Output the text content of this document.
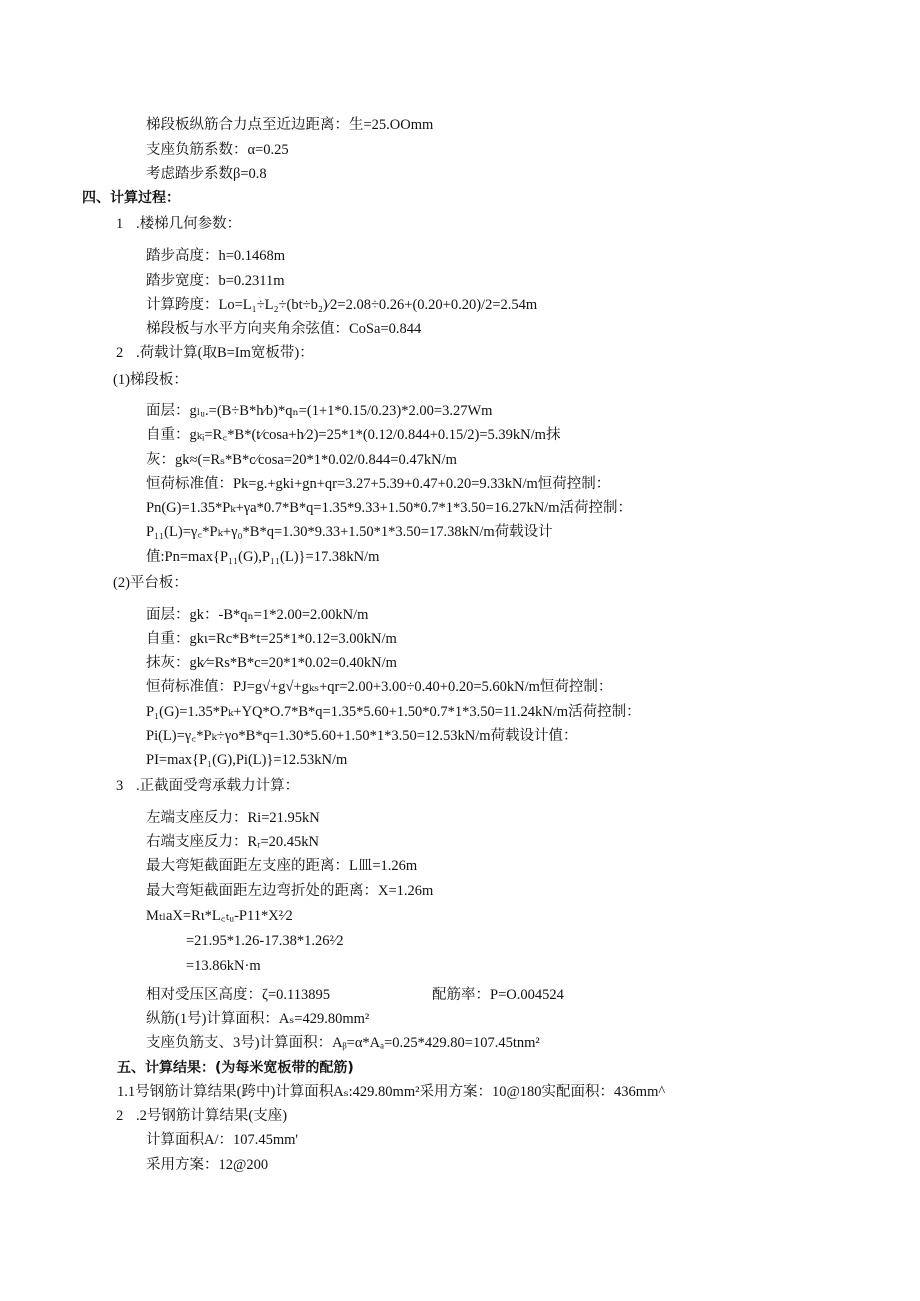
梯段板纵筋合力点至近边距离：生=25.OOmm
支座负筋系数：α=0.25
考虑踏步系数β=0.8
四、计算过程：
1 .楼梯几何参数：
踏步高度：h=0.1468m
踏步宽度：b=0.2311m
计算跨度：Lo=L₁÷L₂÷(bt÷b₂)⁄2=2.08÷0.26+(0.20+0.20)/2=2.54m
梯段板与水平方向夹角余弦值：CoSa=0.844
2 .荷载计算(取B=Im宽板带)：
(1)梯段板：
面层：gₗᵤ.=(B÷B*h⁄b)*qₙ=(1+1*0.15/0.23)*2.00=3.27Wm
自重：gₖᵢ=R꜀*B*(t⁄cosa+h⁄2)=25*1*(0.12/0.844+0.15/2)=5.39kN/m抹
灰：gk≈(=Rₛ*B*c⁄cosa=20*1*0.02/0.844=0.47kN/m
恒荷标准值：Pk=g.+gki+gn+qr=3.27+5.39+0.47+0.20=9.33kN/m恒荷控制：
Pn(G)=1.35*Pₖ+γa*0.7*B*q=1.35*9.33+1.50*0.7*1*3.50=16.27kN/m活荷控制：
P₁₁(L)=γ꜀*Pₖ+γ₀*B*q=1.30*9.33+1.50*1*3.50=17.38kN/m荷载设计
值:Pn=max{P₁₁(G),P₁₁(L)}=17.38kN/m
(2)平台板：
面层：gk：-B*qₙ=1*2.00=2.00kN/m
自重：gkι=Rc*B*t=25*1*0.12=3.00kN/m
抹灰：gk⁄=Rs*B*c=20*1*0.02=0.40kN/m
恒荷标准值：PJ=g√+g√+gₖₛ+qr=2.00+3.00÷0.40+0.20=5.60kN/m恒荷控制：
P₁(G)=1.35*Pₖ+YQ*O.7*B*q=1.35*5.60+1.50*0.7*1*3.50=11.24kN/m活荷控制：
Pi(L)=γ꜀*Pₖ÷γo*B*q=1.30*5.60+1.50*1*3.50=12.53kN/m荷载设计值：
PI=max{P₁(G),Pi(L)}=12.53kN/m
3 .正截面受弯承载力计算：
左端支座反力：Ri=21.95kN
右端支座反力：Rᵣ=20.45kN
最大弯矩截面距左支座的距离：L皿=1.26m
最大弯矩截面距左边弯折处的距离：X=1.26m
MₜₗaX=Rι*L꜀ₜᵤ-P11*X²⁄2
=21.95*1.26-17.38*1.26²⁄2
=13.86kN·m
相对受压区高度：ζ=0.113895	配筋率：P=O.004524
纵筋(1号)计算面积：Aₛ=429.80mm²
支座负筋支、3号)计算面积：Aᵦ=α*Aₐ=0.25*429.80=107.45tnm²
五、计算结果：(为每米宽板带的配筋)
1.1号钢筋计算结果(跨中)计算面积Aₛ:429.80mm²采用方案：10@180实配面积：436mm^
2 .2号钢筋计算结果(支座)
计算面积A/：107.45mm'
采用方案：12@200
